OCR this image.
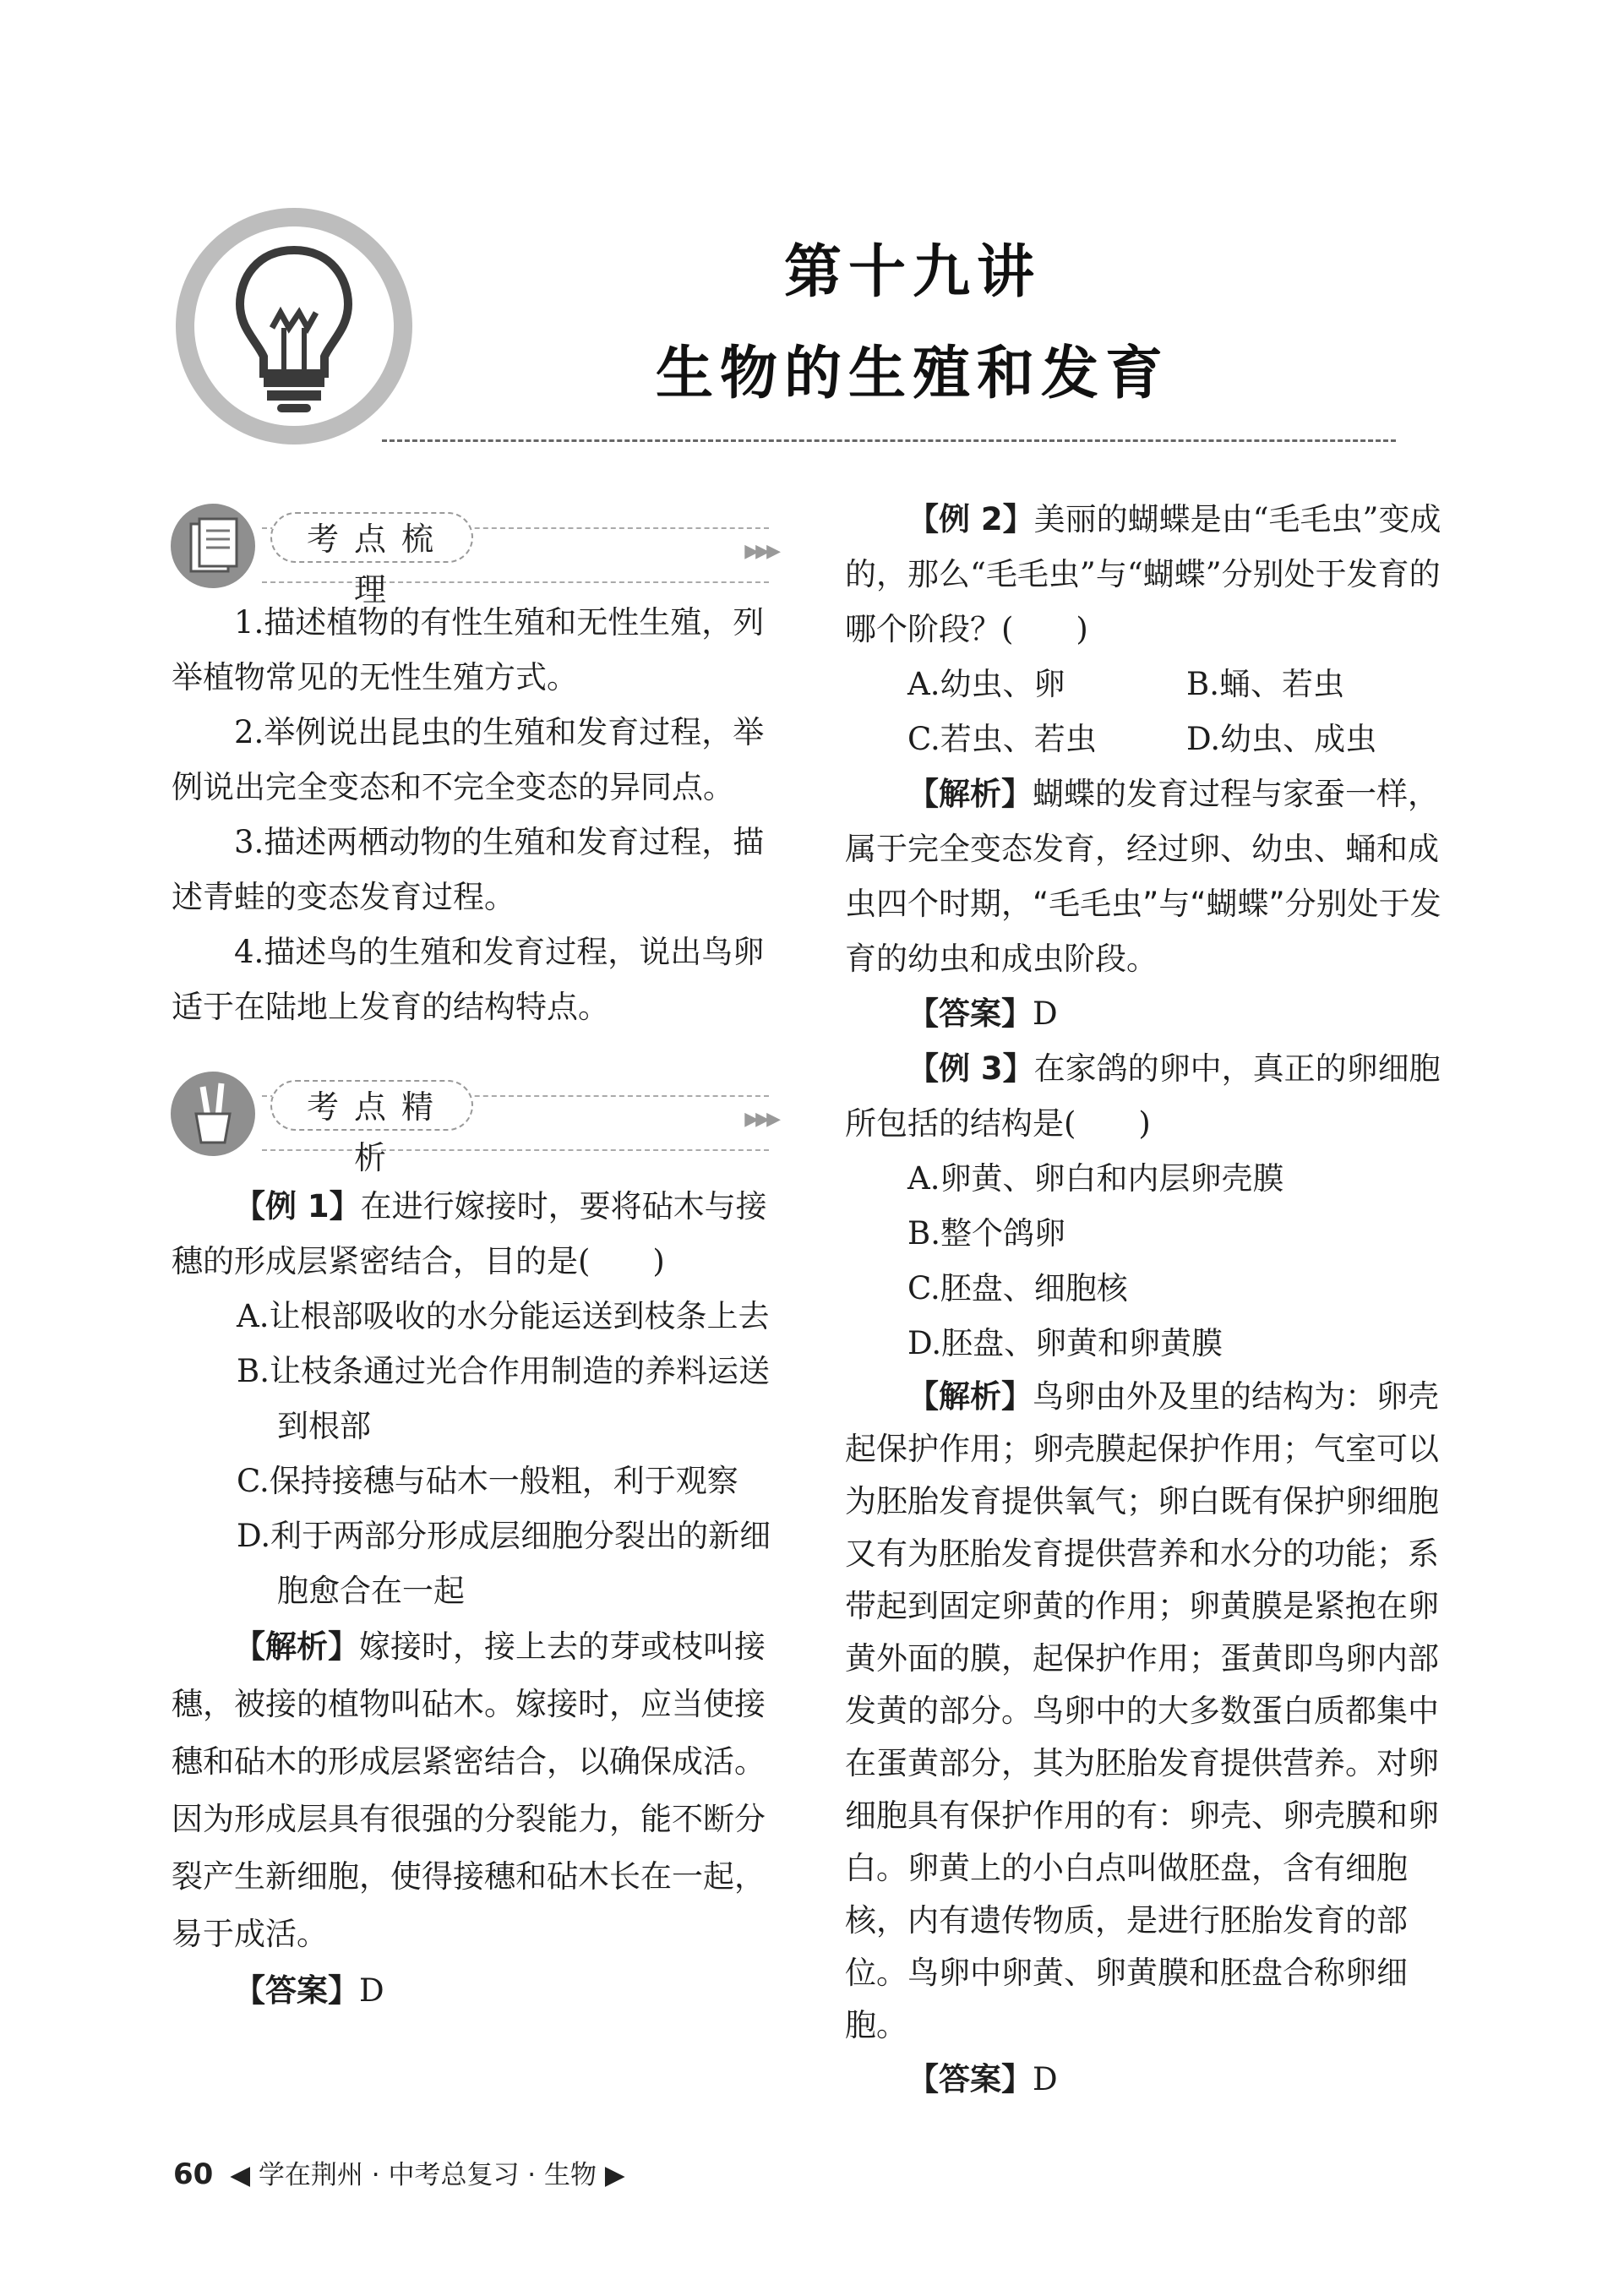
第十九讲
生物的生殖和发育
考点梳理
▶▶▶

1.描述植物的有性生殖和无性生殖，列举植物常见的无性生殖方式。

2.举例说出昆虫的生殖和发育过程，举例说出完全变态和不完全变态的异同点。

3.描述两栖动物的生殖和发育过程，描述青蛙的变态发育过程。

4.描述鸟的生殖和发育过程，说出鸟卵适于在陆地上发育的结构特点。

考点精析
▶▶▶

【例 1】在进行嫁接时，要将砧木与接穗的形成层紧密结合，目的是(　　)

A.让根部吸收的水分能运送到枝条上去

B.让枝条通过光合作用制造的养料运送到根部

C.保持接穗与砧木一般粗，利于观察

D.利于两部分形成层细胞分裂出的新细胞愈合在一起

【解析】嫁接时，接上去的芽或枝叫接穗，被接的植物叫砧木。嫁接时，应当使接穗和砧木的形成层紧密结合，以确保成活。因为形成层具有很强的分裂能力，能不断分裂产生新细胞，使得接穗和砧木长在一起，易于成活。

【答案】D

【例 2】美丽的蝴蝶是由“毛毛虫”变成的，那么“毛毛虫”与“蝴蝶”分别处于发育的哪个阶段？(　　)

A.幼虫、卵	B.蛹、若虫
C.若虫、若虫	D.幼虫、成虫

【解析】蝴蝶的发育过程与家蚕一样，属于完全变态发育，经过卵、幼虫、蛹和成虫四个时期，“毛毛虫”与“蝴蝶”分别处于发育的幼虫和成虫阶段。

【答案】D

【例 3】在家鸽的卵中，真正的卵细胞所包括的结构是(　　)

A.卵黄、卵白和内层卵壳膜

B.整个鸽卵

C.胚盘、细胞核

D.胚盘、卵黄和卵黄膜

【解析】鸟卵由外及里的结构为：卵壳起保护作用；卵壳膜起保护作用；气室可以为胚胎发育提供氧气；卵白既有保护卵细胞又有为胚胎发育提供营养和水分的功能；系带起到固定卵黄的作用；卵黄膜是紧抱在卵黄外面的膜，起保护作用；蛋黄即鸟卵内部发黄的部分。鸟卵中的大多数蛋白质都集中在蛋黄部分，其为胚胎发育提供营养。对卵细胞具有保护作用的有：卵壳、卵壳膜和卵白。卵黄上的小白点叫做胚盘，含有细胞核，内有遗传物质，是进行胚胎发育的部位。鸟卵中卵黄、卵黄膜和胚盘合称卵细胞。

【答案】D

60 ◀ 学在荆州 · 中考总复习 · 生物 ▶
